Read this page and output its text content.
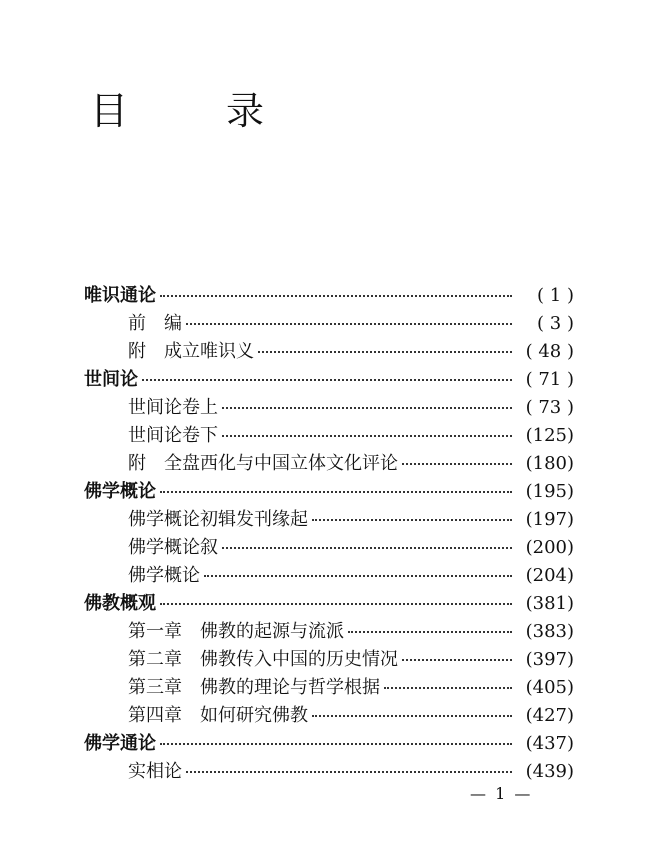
目	录
唯识通论	( 1 )
前　编	( 3 )
附　成立唯识义	( 48 )
世间论	( 71 )
世间论卷上	( 73 )
世间论卷下	(125)
附　全盘西化与中国立体文化评论	(180)
佛学概论	(195)
佛学概论初辑发刊缘起	(197)
佛学概论叙	(200)
佛学概论	(204)
佛教概观	(381)
第一章　佛教的起源与流派	(383)
第二章　佛教传入中国的历史情况	(397)
第三章　佛教的理论与哲学根据	(405)
第四章　如何研究佛教	(427)
佛学通论	(437)
实相论	(439)
— 1 —
